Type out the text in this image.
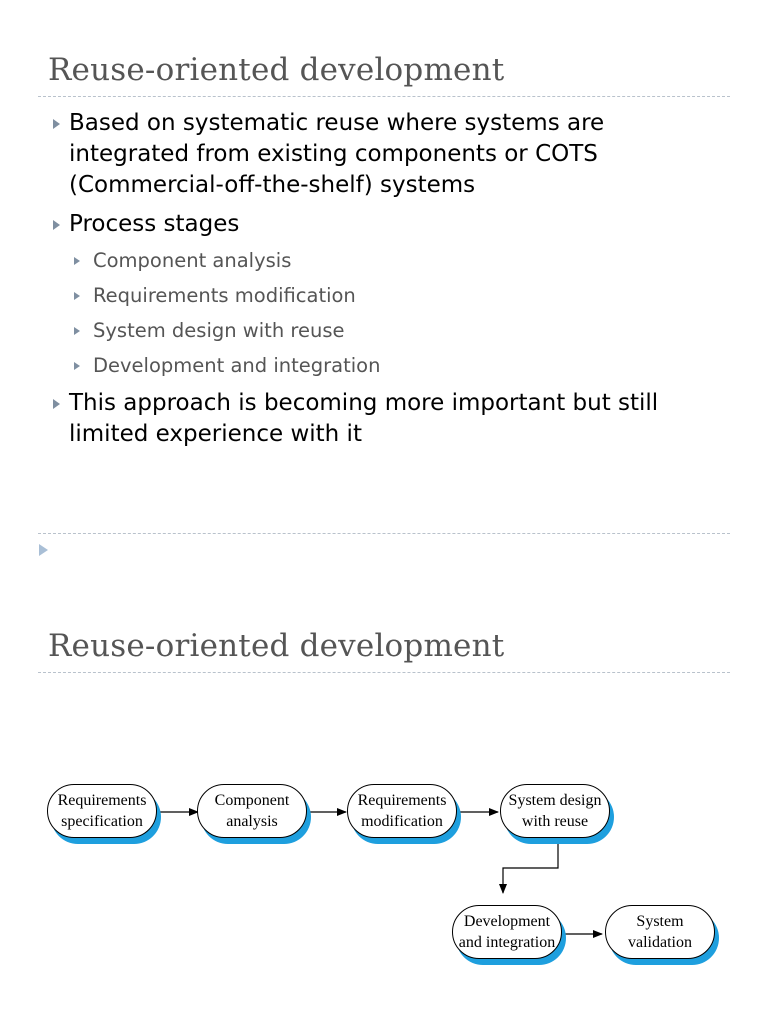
Reuse-oriented development
Based on systematic reuse where systems are integrated from existing components or COTS (Commercial-off-the-shelf) systems
Process stages
Component analysis
Requirements modification
System design with reuse
Development and integration
This approach is becoming more important but still limited experience with it
Reuse-oriented development
Requirements
specification
Component
analysis
Requirements
modification
System design
with reuse
Development
and integration
System
validation
